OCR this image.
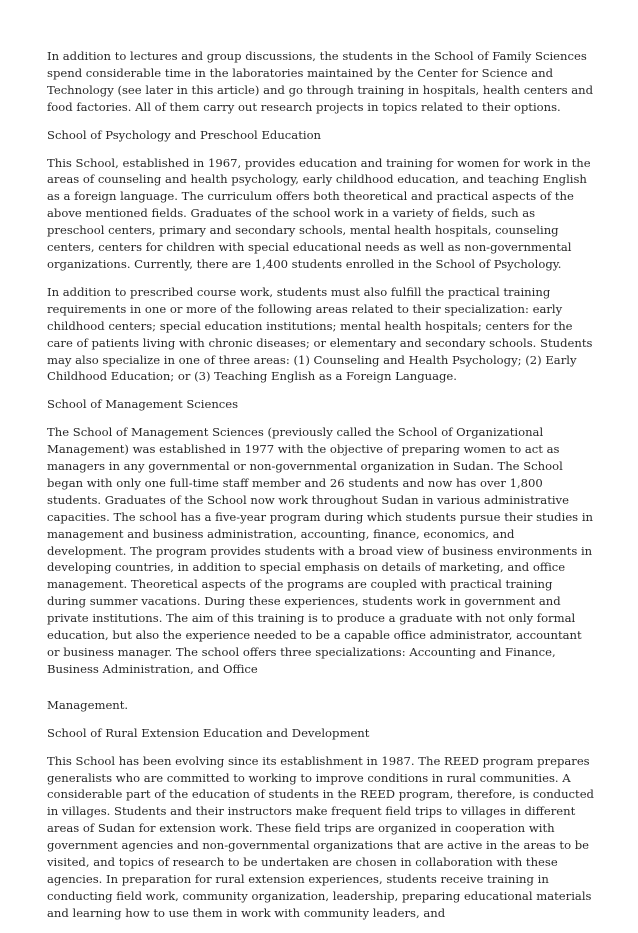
In addition to lectures and group discussions, the students in the School of Family Sciences spend considerable time in the laboratories maintained by the Center for Science and Technology (see later in this article) and go through training in hospitals, health centers and food factories. All of them carry out research projects in topics related to their options.

School of Psychology and Preschool Education

This School, established in 1967, provides education and training for women for work in the areas of counseling and health psychology, early childhood education, and teaching English as a foreign language. The curriculum offers both theoretical and practical aspects of the above mentioned fields. Graduates of the school work in a variety of fields, such as preschool centers, primary and secondary schools, mental health hospitals, counseling centers, centers for children with special educational needs as well as non-governmental organizations. Currently, there are 1,400 students enrolled in the School of Psychology.

In addition to prescribed course work, students must also fulfill the practical training requirements in one or more of the following areas related to their specialization: early childhood centers; special education institutions; mental health hospitals; centers for the care of patients living with chronic diseases; or elementary and secondary schools. Students may also specialize in one of three areas: (1) Counseling and Health Psychology; (2) Early Childhood Education; or (3) Teaching English as a Foreign Language.

School of Management Sciences

The School of Management Sciences (previously called the School of Organizational Management) was established in 1977 with the objective of preparing women to act as managers in any governmental or non-governmental organization in Sudan. The School began with only one full-time staff member and 26 students and now has over 1,800 students. Graduates of the School now work throughout Sudan in various administrative capacities. The school has a five-year program during which students pursue their studies in management and business administration, accounting, finance, economics, and development. The program provides students with a broad view of business environments in developing countries, in addition to special emphasis on details of marketing, and office management. Theoretical aspects of the programs are coupled with practical training during summer vacations. During these experiences, students work in government and private institutions. The aim of this training is to produce a graduate with not only formal education, but also the experience needed to be a capable office administrator, accountant or business manager. The school offers three specializations: Accounting and Finance, Business Administration, and Office

Management.

School of Rural Extension Education and Development

This School has been evolving since its establishment in 1987. The REED program prepares generalists who are committed to working to improve conditions in rural communities. A considerable part of the education of students in the REED program, therefore, is conducted in villages. Students and their instructors make frequent field trips to villages in different areas of Sudan for extension work. These field trips are organized in cooperation with government agencies and non-governmental organizations that are active in the areas to be visited, and topics of research to be undertaken are chosen in collaboration with these agencies. In preparation for rural extension experiences, students receive training in conducting field work, community organization, leadership, preparing educational materials and learning how to use them in work with community leaders, and
